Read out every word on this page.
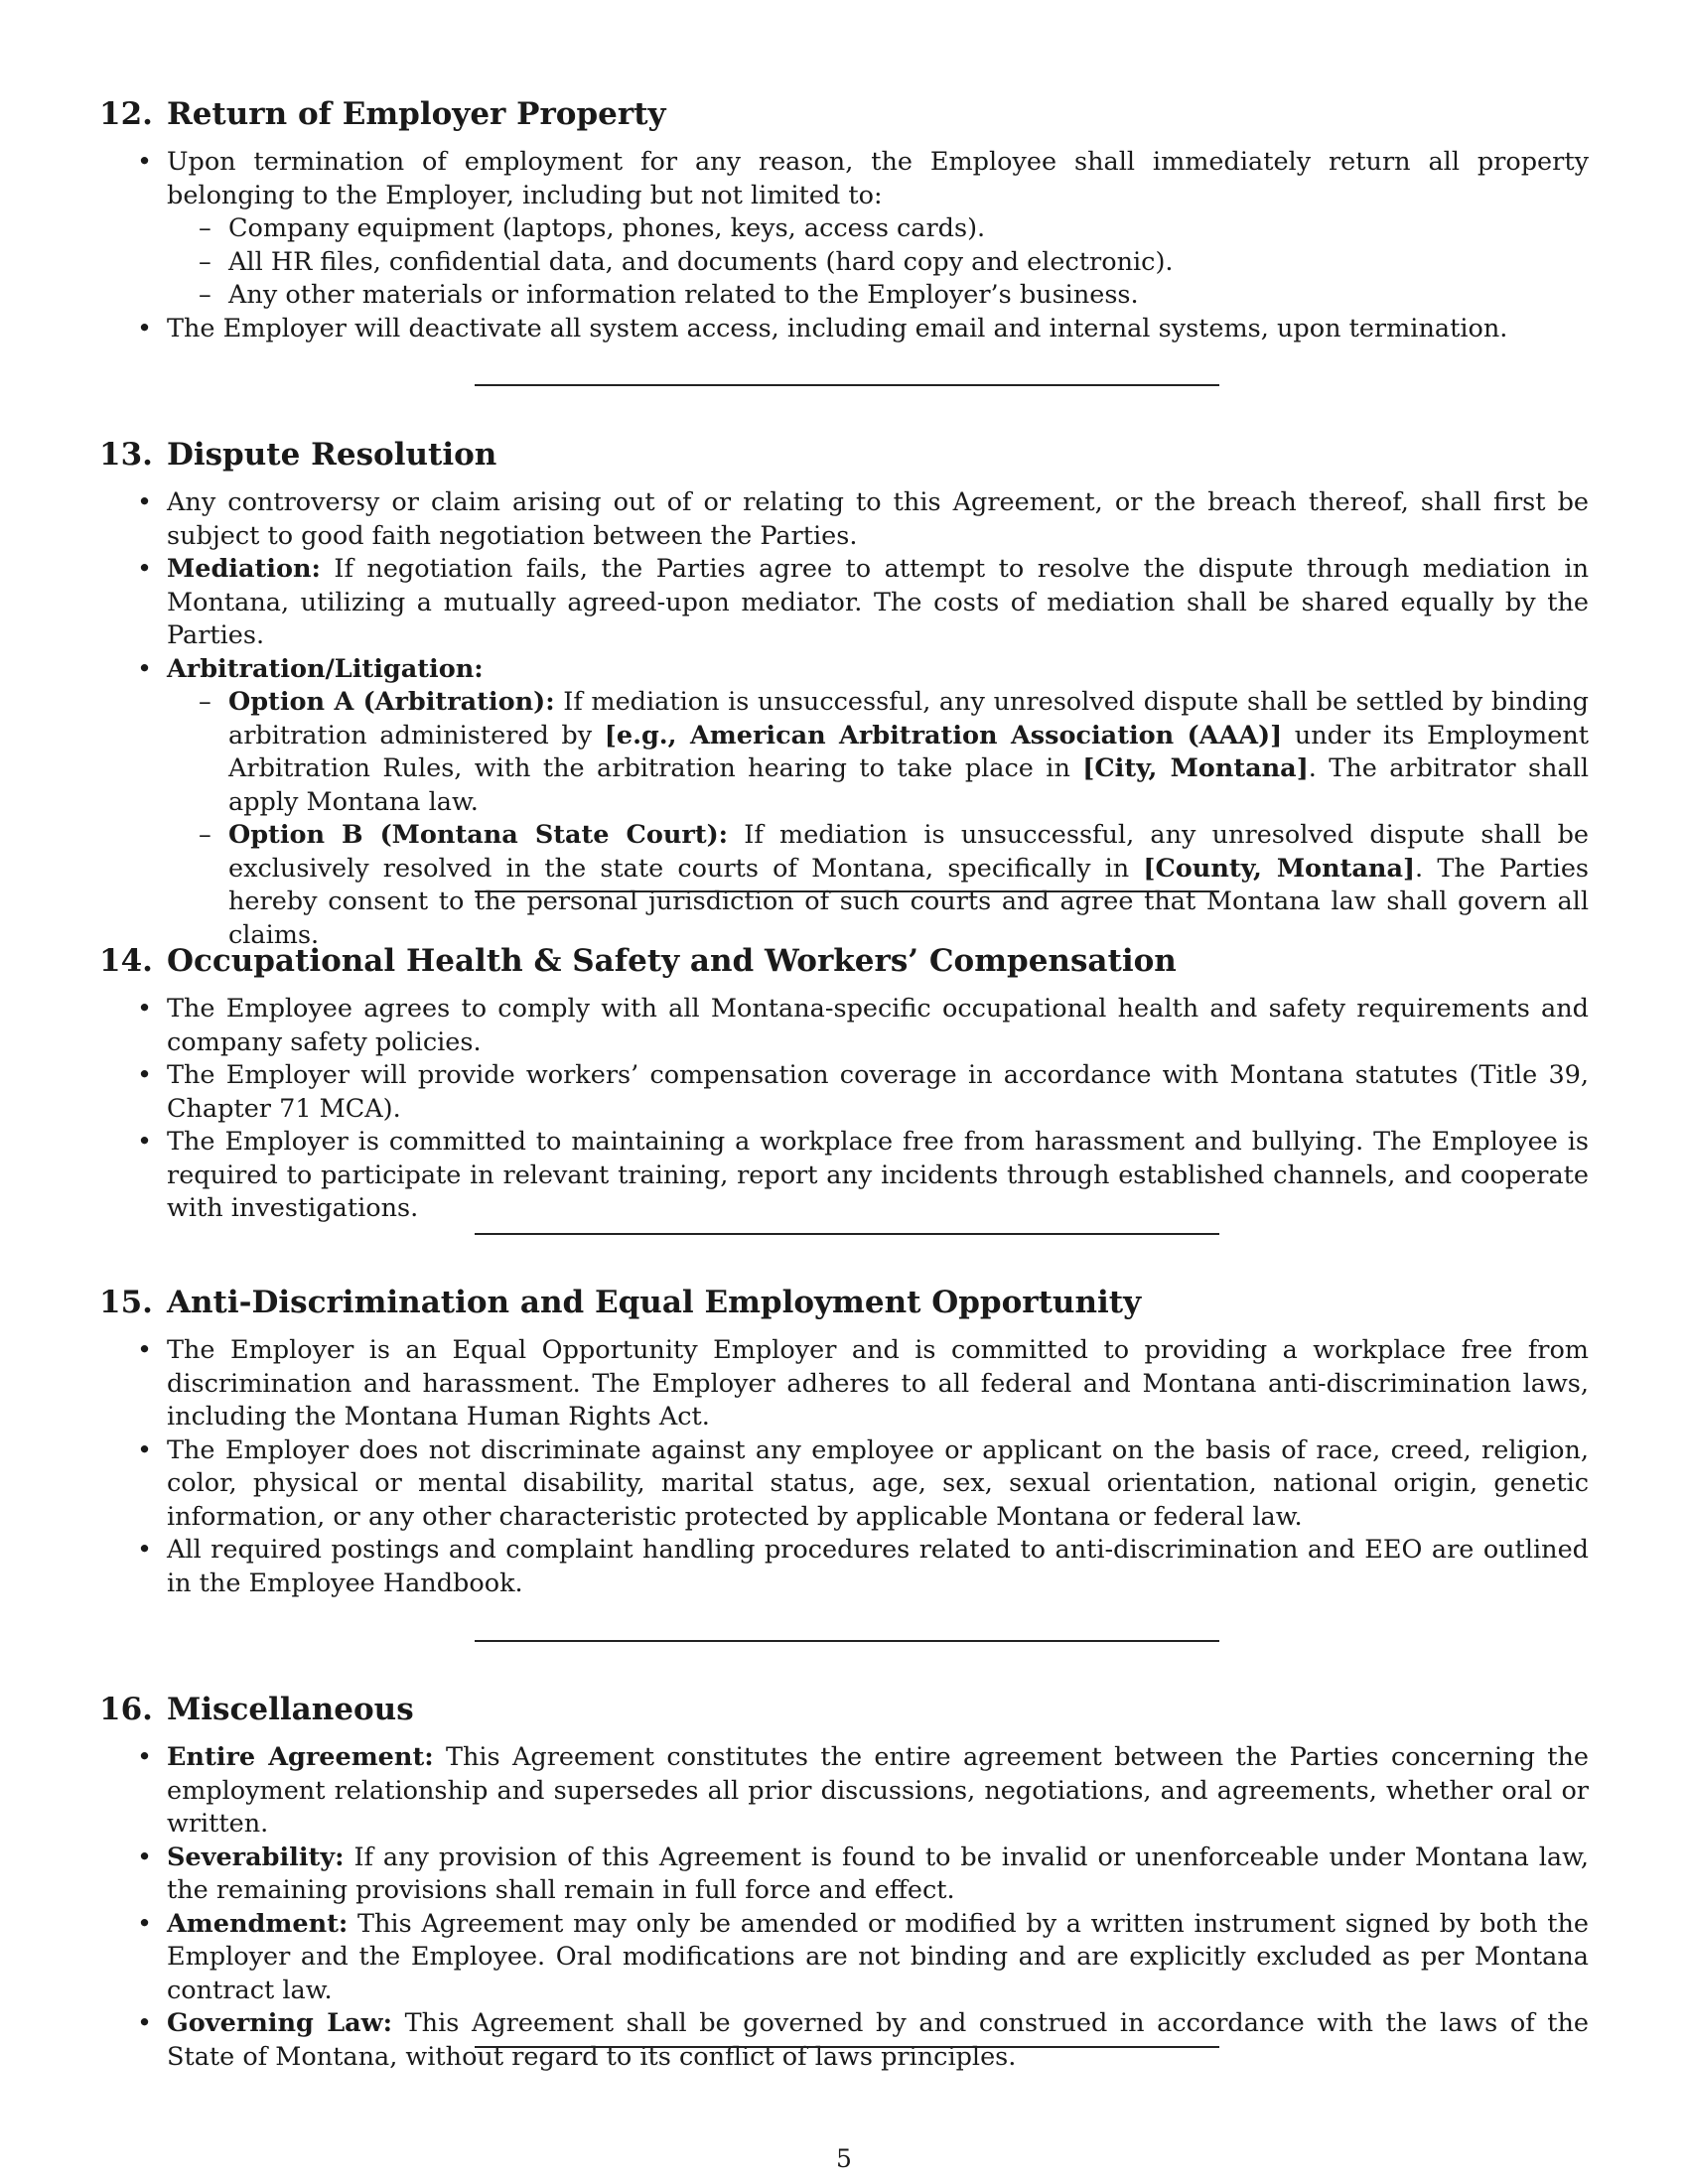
12. Return of Employer Property
• Upon termination of employment for any reason, the Employee shall immediately return all property belonging to the Employer, including but not limited to:
– Company equipment (laptops, phones, keys, access cards).
– All HR files, confidential data, and documents (hard copy and electronic).
– Any other materials or information related to the Employer’s business.
• The Employer will deactivate all system access, including email and internal systems, upon termination.
13. Dispute Resolution
• Any controversy or claim arising out of or relating to this Agreement, or the breach thereof, shall first be subject to good faith negotiation between the Parties.
• Mediation: If negotiation fails, the Parties agree to attempt to resolve the dispute through mediation in Montana, utilizing a mutually agreed-upon mediator. The costs of mediation shall be shared equally by the Parties.
• Arbitration/Litigation:
– Option A (Arbitration): If mediation is unsuccessful, any unresolved dispute shall be settled by binding arbitration administered by [e.g., American Arbitration Association (AAA)] under its Employment Arbitration Rules, with the arbitration hearing to take place in [City, Montana]. The arbitrator shall apply Montana law.
– Option B (Montana State Court): If mediation is unsuccessful, any unresolved dispute shall be exclusively resolved in the state courts of Montana, specifically in [County, Montana]. The Parties hereby consent to the personal jurisdiction of such courts and agree that Montana law shall govern all claims.
14. Occupational Health & Safety and Workers’ Compensation
• The Employee agrees to comply with all Montana-specific occupational health and safety requirements and company safety policies.
• The Employer will provide workers’ compensation coverage in accordance with Montana statutes (Title 39, Chapter 71 MCA).
• The Employer is committed to maintaining a workplace free from harassment and bullying. The Employee is required to participate in relevant training, report any incidents through established channels, and cooperate with investigations.
15. Anti-Discrimination and Equal Employment Opportunity
• The Employer is an Equal Opportunity Employer and is committed to providing a workplace free from discrimination and harassment. The Employer adheres to all federal and Montana anti-discrimination laws, including the Montana Human Rights Act.
• The Employer does not discriminate against any employee or applicant on the basis of race, creed, religion, color, physical or mental disability, marital status, age, sex, sexual orientation, national origin, genetic information, or any other characteristic protected by applicable Montana or federal law.
• All required postings and complaint handling procedures related to anti-discrimination and EEO are outlined in the Employee Handbook.
16. Miscellaneous
• Entire Agreement: This Agreement constitutes the entire agreement between the Parties concerning the employment relationship and supersedes all prior discussions, negotiations, and agreements, whether oral or written.
• Severability: If any provision of this Agreement is found to be invalid or unenforceable under Montana law, the remaining provisions shall remain in full force and effect.
• Amendment: This Agreement may only be amended or modified by a written instrument signed by both the Employer and the Employee. Oral modifications are not binding and are explicitly excluded as per Montana contract law.
• Governing Law: This Agreement shall be governed by and construed in accordance with the laws of the State of Montana, without regard to its conflict of laws principles.
5
